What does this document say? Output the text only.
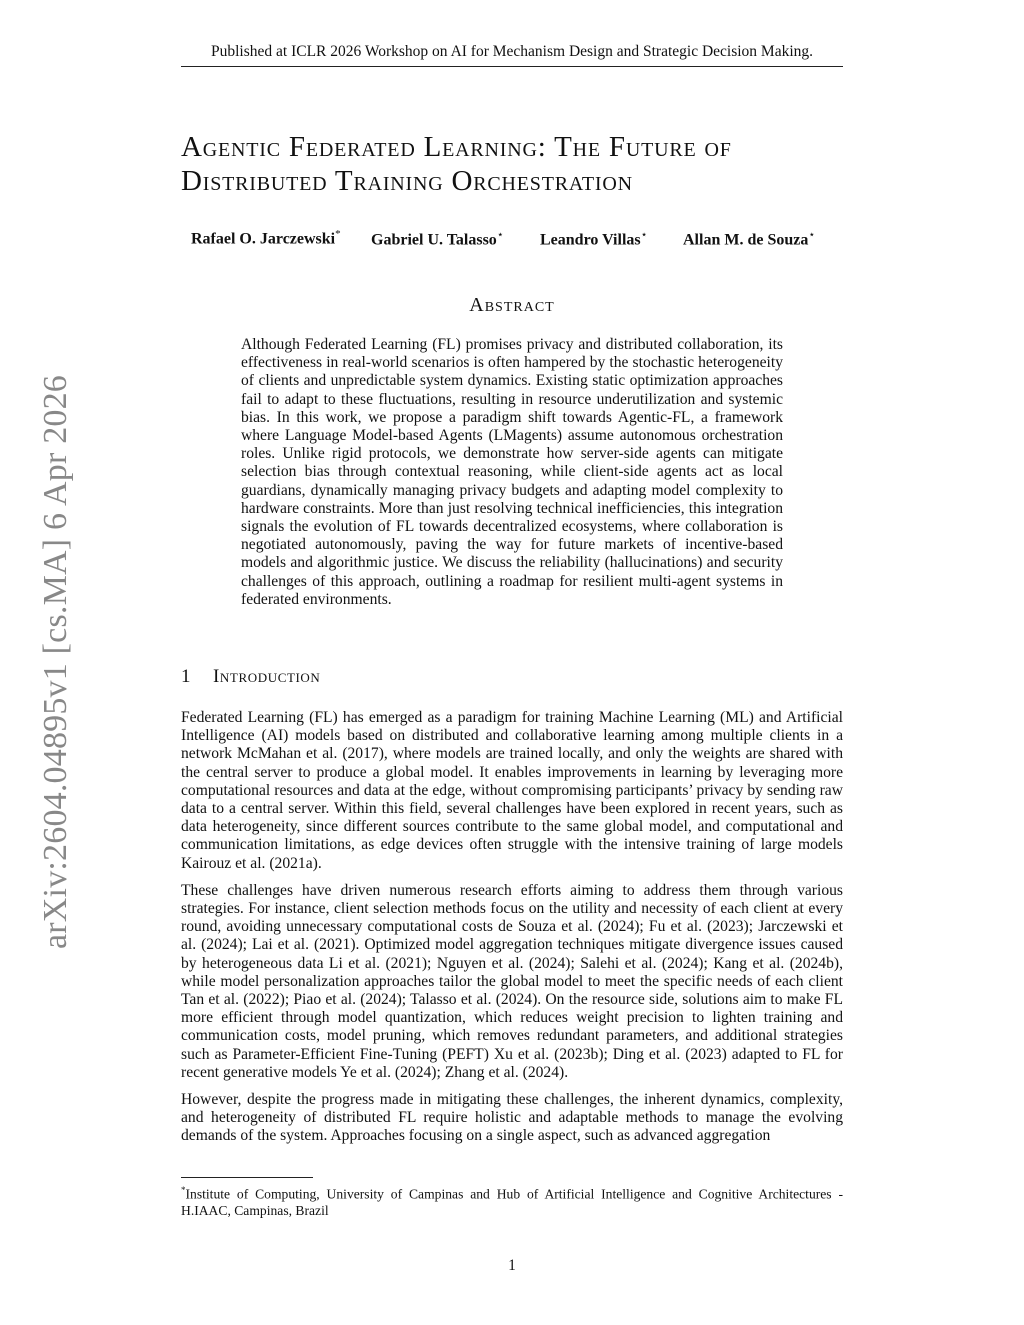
Published at ICLR 2026 Workshop on AI for Mechanism Design and Strategic Decision Making.
arXiv:2604.04895v1 [cs.MA] 6 Apr 2026
Agentic Federated Learning: The Future of
Distributed Training Orchestration
Rafael O. Jarczewski* Gabriel U. Talasso⋆ Leandro Villas⋆ Allan M. de Souza⋆
Abstract
Although Federated Learning (FL) promises privacy and distributed collaboration, its effectiveness in real-world scenarios is often hampered by the stochastic heterogeneity of clients and unpredictable system dynamics. Existing static optimization approaches fail to adapt to these fluctuations, resulting in resource underutilization and systemic bias. In this work, we propose a paradigm shift towards Agentic-FL, a framework where Language Model-based Agents (LMagents) assume autonomous orchestration roles. Unlike rigid protocols, we demonstrate how server-side agents can mitigate selection bias through contextual reasoning, while client-side agents act as local guardians, dynamically managing privacy budgets and adapting model complexity to hardware constraints. More than just resolving technical inefficiencies, this integration signals the evolution of FL towards decentralized ecosystems, where collaboration is negotiated autonomously, paving the way for future markets of incentive-based models and algorithmic justice. We discuss the reliability (hallucinations) and security challenges of this approach, outlining a roadmap for resilient multi-agent systems in federated environments.
1 Introduction

Federated Learning (FL) has emerged as a paradigm for training Machine Learning (ML) and Artificial Intelligence (AI) models based on distributed and collaborative learning among multiple clients in a network McMahan et al. (2017), where models are trained locally, and only the weights are shared with the central server to produce a global model. It enables improvements in learning by leveraging more computational resources and data at the edge, without compromising participants’ privacy by sending raw data to a central server. Within this field, several challenges have been explored in recent years, such as data heterogeneity, since different sources contribute to the same global model, and computational and communication limitations, as edge devices often struggle with the intensive training of large models Kairouz et al. (2021a).

These challenges have driven numerous research efforts aiming to address them through various strategies. For instance, client selection methods focus on the utility and necessity of each client at every round, avoiding unnecessary computational costs de Souza et al. (2024); Fu et al. (2023); Jarczewski et al. (2024); Lai et al. (2021). Optimized model aggregation techniques mitigate divergence issues caused by heterogeneous data Li et al. (2021); Nguyen et al. (2024); Salehi et al. (2024); Kang et al. (2024b), while model personalization approaches tailor the global model to meet the specific needs of each client Tan et al. (2022); Piao et al. (2024); Talasso et al. (2024). On the resource side, solutions aim to make FL more efficient through model quantization, which reduces weight precision to lighten training and communication costs, model pruning, which removes redundant parameters, and additional strategies such as Parameter-Efficient Fine-Tuning (PEFT) Xu et al. (2023b); Ding et al. (2023) adapted to FL for recent generative models Ye et al. (2024); Zhang et al. (2024).

However, despite the progress made in mitigating these challenges, the inherent dynamics, complexity, and heterogeneity of distributed FL require holistic and adaptable methods to manage the evolving demands of the system. Approaches focusing on a single aspect, such as advanced aggregation

*Institute of Computing, University of Campinas and Hub of Artificial Intelligence and Cognitive Architectures - H.IAAC, Campinas, Brazil
1
